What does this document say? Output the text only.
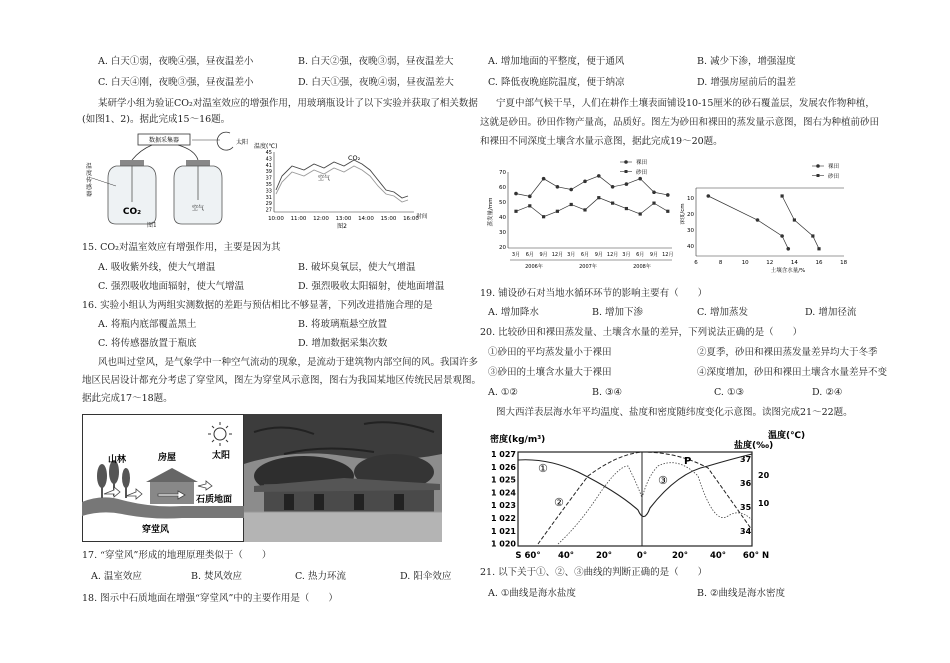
A. 白天①弱，夜晚④强，昼夜温差小	B. 白天②强，夜晚③弱，昼夜温差大
C. 白天④刚，夜晚③强，昼夜温差小	D. 白天①强，夜晚④弱，昼夜温差大
某研学小组为验证CO₂对温室效应的增强作用，用玻璃瓶设计了以下实验并获取了相关数据
(如图1、2)。据此完成15～16题。
数据采集器	太阳
CO₂	空气
温度传感器
图1
温度(℃)
45
43
41
39
37
35
33
31
29
27
10:00 11:00 12:00 13:00 14:00 15:00 16:00
时间
CO₂
空气
图2
15. CO₂对温室效应有增强作用，主要是因为其
A. 吸收紫外线，使大气增温	B. 破坏臭氧层，使大气增温
C. 强烈吸收地面辐射，使大气增温	D. 强烈吸收太阳辐射，使地面增温
16. 实验小组认为两组实测数据的差距与预估相比不够显著，下列改进措施合理的是
A. 将瓶内底部覆盖黑土	B. 将玻璃瓶悬空放置
C. 将传感器放置于瓶底	D. 增加数据采集次数
风也叫过堂风，是气象学中一种空气流动的现象，是流动于建筑物内部空间的风。我国许多
地区民居设计都充分考虑了穿堂风，图左为穿堂风示意图，图右为我国某地区传统民居景观图。
据此完成17～18题。
山林	房屋	太阳
石质地面
穿堂风
17. “穿堂风”形成的地理原理类似于（　　）
A. 温室效应	B. 焚风效应	C. 热力环流	D. 阳伞效应
18. 图示中石质地面在增强“穿堂风”中的主要作用是（　　）
A. 增加地面的平整度，便于通风	B. 减少下渗，增强湿度
C. 降低夜晚庭院温度，便于纳凉	D. 增强房屋前后的温差
宁夏中部气候干旱，人们在耕作土壤表面铺设10-15厘米的砂石覆盖层，发展农作物种植，
这就是砂田。砂田作物产量高，品质好。图左为砂田和裸田的蒸发量示意图，图右为种植前砂田
和裸田不同深度土壤含水量示意图，据此完成19～20题。
蒸发量/mm
70
60
50
40
30
20
3月 6月 9月 12月 3月 6月 9月 12月 3月 6月 9月 12月
2006年	2007年	2008年
裸田
砂田
深度/cm
10
20
30
40
6	8	10	12	14	16	18
土壤含水量/%
裸田
砂田
19. 铺设砂石对当地水循环环节的影响主要有（　　）
A. 增加降水	B. 增加下渗	C. 增加蒸发	D. 增加径流
20. 比较砂田和裸田蒸发量、土壤含水量的差异，下列说法正确的是（　　）
①砂田的平均蒸发量小于裸田	②夏季，砂田和裸田蒸发量差异均大于冬季
③砂田的土壤含水量大于裸田	④深度增加，砂田和裸田土壤含水量差异不变
A. ①②	B. ③④	C. ①③	D. ②④
图大西洋表层海水年平均温度、盐度和密度随纬度变化示意图。读图完成21～22题。
密度(kg/m³)
盐度(‰)
温度(℃)
1 027
1 026
1 025
1 024
1 023
1 022
1 021
1 020
37
36
35
34
20
10
S 60° 40°	20°	0°	20°	40° 60° N
①
②
③
P
21. 以下关于①、②、③曲线的判断正确的是（　　）
A. ①曲线是海水盐度	B. ②曲线是海水密度
